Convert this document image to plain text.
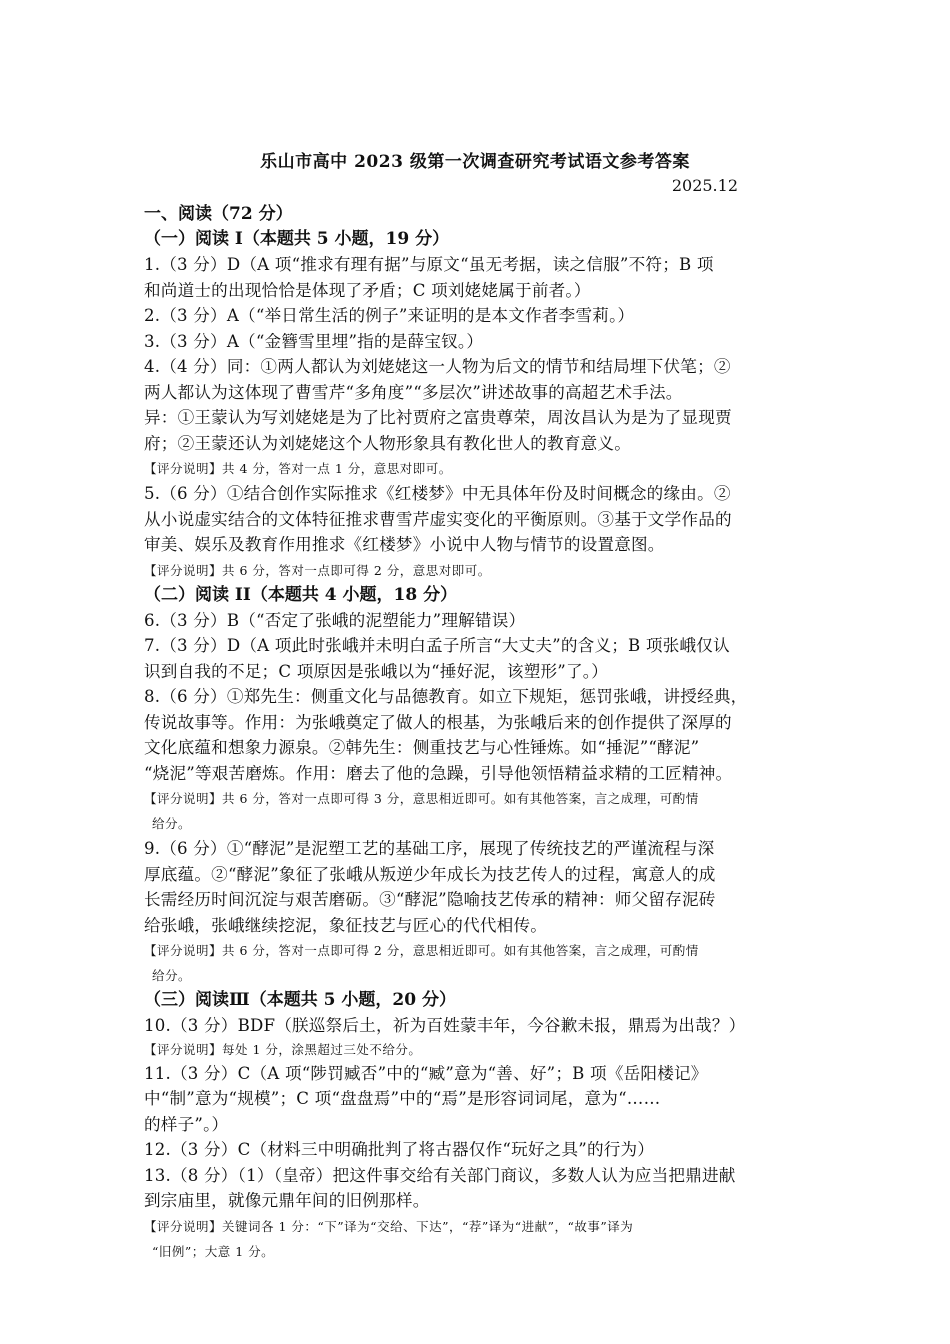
乐山市高中 2023 级第一次调查研究考试语文参考答案
2025.12
一、阅读（72 分）
（一）阅读 I（本题共 5 小题，19 分）
1.（3 分）D（A 项“推求有理有据”与原文“虽无考据，读之信服”不符；B 项
和尚道士的出现恰恰是体现了矛盾；C 项刘姥姥属于前者。）
2.（3 分）A（“举日常生活的例子”来证明的是本文作者李雪莉。）
3.（3 分）A（“金簪雪里埋”指的是薛宝钗。）
4.（4 分）同：①两人都认为刘姥姥这一人物为后文的情节和结局埋下伏笔；②
两人都认为这体现了曹雪芹“多角度”“多层次”讲述故事的高超艺术手法。
异：①王蒙认为写刘姥姥是为了比衬贾府之富贵尊荣，周汝昌认为是为了显现贾
府；②王蒙还认为刘姥姥这个人物形象具有教化世人的教育意义。
【评分说明】共 4 分，答对一点 1 分，意思对即可。
5.（6 分）①结合创作实际推求《红楼梦》中无具体年份及时间概念的缘由。②
从小说虚实结合的文体特征推求曹雪芹虚实变化的平衡原则。③基于文学作品的
审美、娱乐及教育作用推求《红楼梦》小说中人物与情节的设置意图。
【评分说明】共 6 分，答对一点即可得 2 分，意思对即可。
（二）阅读 II（本题共 4 小题，18 分）
6.（3 分）B（“否定了张峨的泥塑能力”理解错误）
7.（3 分）D（A 项此时张峨并未明白孟子所言“大丈夫”的含义；B 项张峨仅认
识到自我的不足；C 项原因是张峨以为“捶好泥，该塑形”了。）
8.（6 分）①郑先生：侧重文化与品德教育。如立下规矩，惩罚张峨，讲授经典，
传说故事等。作用：为张峨奠定了做人的根基，为张峨后来的创作提供了深厚的
文化底蕴和想象力源泉。②韩先生：侧重技艺与心性锤炼。如“捶泥”“酵泥”
“烧泥”等艰苦磨炼。作用：磨去了他的急躁，引导他领悟精益求精的工匠精神。
【评分说明】共 6 分，答对一点即可得 3 分，意思相近即可。如有其他答案，言之成理，可酌情
给分。
9.（6 分）①“酵泥”是泥塑工艺的基础工序，展现了传统技艺的严谨流程与深
厚底蕴。②“酵泥”象征了张峨从叛逆少年成长为技艺传人的过程，寓意人的成
长需经历时间沉淀与艰苦磨砺。③“酵泥”隐喻技艺传承的精神：师父留存泥砖
给张峨，张峨继续挖泥，象征技艺与匠心的代代相传。
【评分说明】共 6 分，答对一点即可得 2 分，意思相近即可。如有其他答案，言之成理，可酌情
给分。
（三）阅读Ⅲ（本题共 5 小题，20 分）
10.（3 分）BDF（朕巡祭后土，祈为百姓蒙丰年，今谷歉未报，鼎焉为出哉？）
【评分说明】每处 1 分，涂黑超过三处不给分。
11.（3 分）C（A 项“陟罚臧否”中的“臧”意为“善、好”；B 项《岳阳楼记》
中“制”意为“规模”；C 项“盘盘焉”中的“焉”是形容词词尾，意为“……
的样子”。）
12.（3 分）C（材料三中明确批判了将古器仅作“玩好之具”的行为）
13.（8 分）（1）（皇帝）把这件事交给有关部门商议，多数人认为应当把鼎进献
到宗庙里，就像元鼎年间的旧例那样。
【评分说明】关键词各 1 分：“下”译为“交给、下达”，“荐”译为“进献”，“故事”译为
“旧例”；大意 1 分。
